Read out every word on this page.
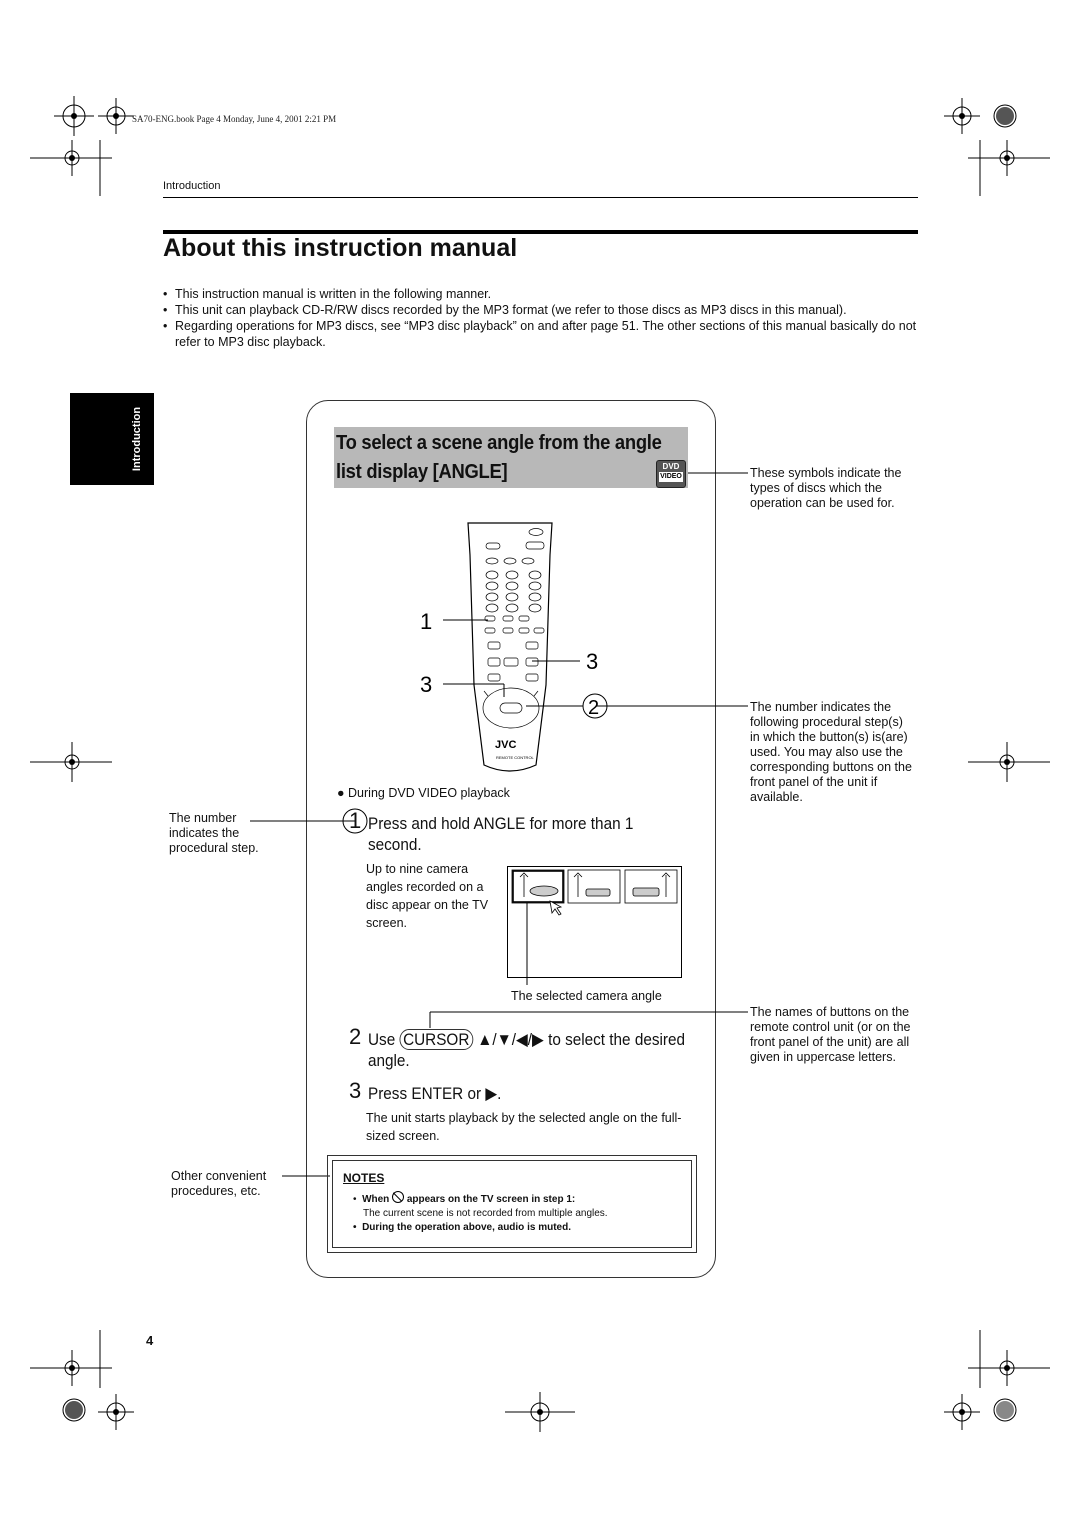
SA70-ENG.book Page 4 Monday, June 4, 2001 2:21 PM
Introduction
About this instruction manual
• This instruction manual is written in the following manner.
• This unit can playback CD-R/RW discs recorded by the MP3 format (we refer to those discs as MP3 discs in this manual).
• Regarding operations for MP3 discs, see “MP3 disc playback” on and after page 51. The other sections of this manual basically do not refer to MP3 disc playback.
Introduction	To select a scene angle from the angle
list display [ANGLE]	DVD
VIDEO
JVC
REMOTE CONTROL
1
3
3
2
These symbols indicate the types of discs which the operation can be used for.
The number indicates the following procedural step(s) in which the button(s) is(are) used. You may also use the corresponding buttons on the front panel of the unit if available.
The number indicates the procedural step.
The names of buttons on the remote control unit (or on the front panel of the unit) are all given in uppercase letters.
Other convenient procedures, etc.
● During DVD VIDEO playback
1 Press and hold ANGLE for more than 1
second.
Up to nine camera angles recorded on a disc appear on the TV screen.
The selected camera angle
2 Use CURSOR ▲/▼/◀/▶ to select the desired
angle.
3 Press ENTER or ▶.
The unit starts playback by the selected angle on the full-sized screen.
NOTES
•  When appears on the TV screen in step 1:
The current scene is not recorded from multiple angles.
•  During the operation above, audio is muted.
4
